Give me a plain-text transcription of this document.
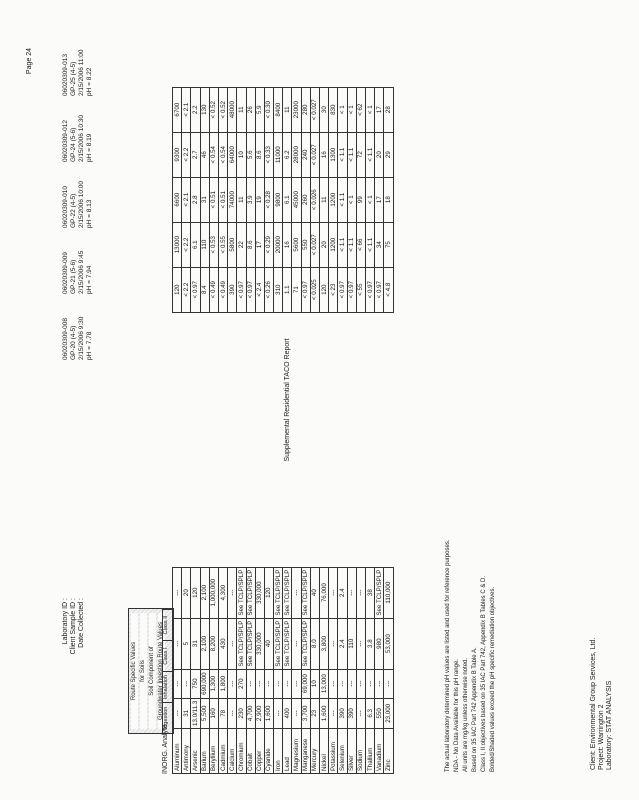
Page 24
Supplemental Residential TACO Report
Client: Environmental Group Services, Ltd. Project: Warrington 2 Laboratory: STAT ANALYSIS
Laboratory ID : Client Sample ID : Date Collected :
06020309-008 GP-20 (4-5) 2/15/2006 9:30 pH = 7.78
06020309-009 GP-21 (5-6) 2/15/2006 9:45 pH = 7.94
06020309-010 GP-22 (4-5) 2/15/2006 10:00 pH = 8.13
06020309-012 GP-24 (5-6) 2/15/2006 10:30 pH = 8.19
06020309-013 GP-25 (4-5) 2/15/2006 11:00 pH = 8.22
Route Specific Values for Soils Soil Component of Groundwater Ingestion Route Values Ingestion
Inhalation
Class I
Class II
INORG. Analyte Aluminum	---	---	---	---		120	13000	6600	9300	6700
Antimony	31	---	5	20		< 2.2	< 2.2	< 2.1	< 2.2	< 2.1
Arsenic	13.0/11.3	750	31	120		< 0.97	6.1	2.8	2.7	2.2
Barium	5,500	690,000	2,100	2,100		8.4	110	31	46	130
Beryllium	160	1,300	8,200	1,000,000		< 0.49	< 0.53	< 0.51	< 0.54	< 0.52
Cadmium	78	1,800	430	4,300		< 0.49	< 0.55	< 0.51	< 0.54	< 0.52
Calcium	---	---	---	---		390	5800	74000	64000	48000
Chromium	230	270	See TCLP/SPLP	See TCLP/SPLP		< 0.97	22	11	10	11
Cobalt	4,700	---	See TCLP/SPLP	See TCLP/SPLP		< 0.97	8.6	3.9	5.6	26
Copper	2,900	---	330,000	330,000		< 2.4	17	19	8.6	5.9
Cyanide	1,600	---	40	120		< 0.26	< 0.29	< 0.28	< 0.33	< 0.30
Iron	---	---	See TCLP/SPLP	See TCLP/SPLP		310	20000	9800	11000	8400
Lead	400	---	See TCLP/SPLP	See TCLP/SPLP		1.1	16	6.1	6.2	11
Magnesium	---	---	---	---		71	5600	45000	28000	23000
Manganese	3,700	69,000	See TCLP/SPLP	See TCLP/SPLP		< 0.97	550	260	240	280
Mercury	23	10	8.0	40		< 0.025	< 0.027	< 0.026	< 0.027	< 0.027
Nickel	1,600	13,000	3,800	76,000		120	20	11	16	30
Potassium	---	---	---	---		< 23	1200	1200	1300	830
Selenium	390	---	2.4	2.4		< 0.97	< 1.1	< 1.1	< 1.1	< 1
Silver	390	---	110	---		< 0.97	< 1.1	< 1	< 1.1	< 1
Sodium	---	---	---	---		< 55	< 66	99	72	< 62
Thallium	6.3	---	3.8	38		< 0.97	< 1.1	< 1	< 1.1	< 1
Vanadium	550	---	980	See TCLP/SPLP		< 0.97	34	17	20	17
Zinc	23,000	---	53,000	110,000		< 4.8	75	18	29	28
The actual laboratory determined pH values are listed and used for reference purposes. NDA - No Data Available for this pH range. All units are mg/kg unless otherwise noted. Based on 35 IAC Part 742 Appendix B Table A. Class I, II objectives based on 35 IAC Part 742, Appendix B Tables C & D. Bolded/Shaded values exceed the pH specific remediation objectives.
